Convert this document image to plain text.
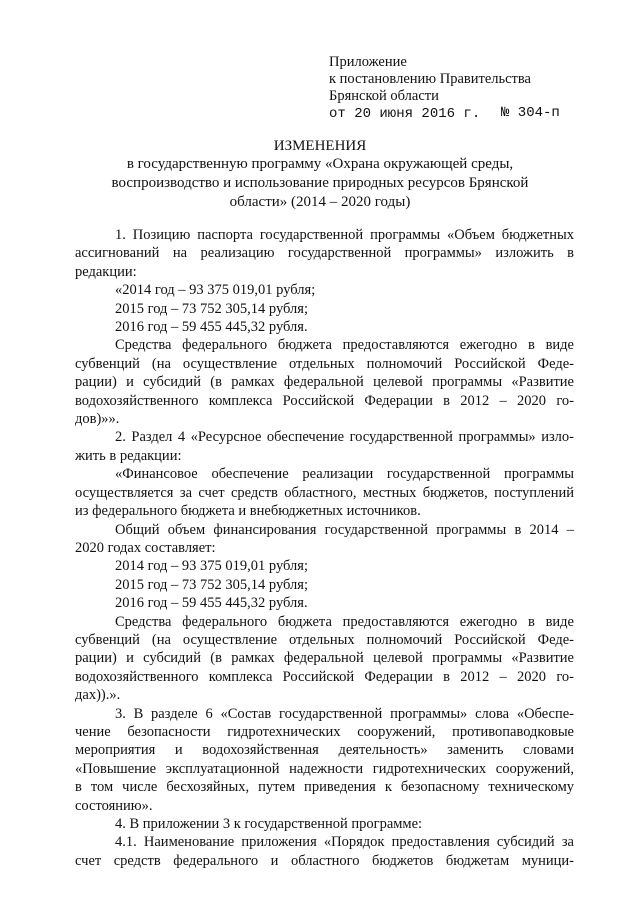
Приложение
к постановлению Правительства
Брянской области
от 20 июня 2016 г. № 304-п
ИЗМЕНЕНИЯ
в государственную программу «Охрана окружающей среды,
воспроизводство и использование природных ресурсов Брянской
области» (2014 – 2020 годы)
1. Позицию паспорта государственной программы «Объем бюджетных
ассигнований на реализацию государственной программы» изложить в
редакции:
«2014 год – 93 375 019,01 рубля;
2015 год – 73 752 305,14 рубля;
2016 год – 59 455 445,32 рубля.
Средства федерального бюджета предоставляются ежегодно в виде
субвенций (на осуществление отдельных полномочий Российской Феде-
рации) и субсидий (в рамках федеральной целевой программы «Развитие
водохозяйственного комплекса Российской Федерации в 2012 – 2020 го-
дов)»».
2. Раздел 4 «Ресурсное обеспечение государственной программы» изло-
жить в редакции:
«Финансовое обеспечение реализации государственной программы
осуществляется за счет средств областного, местных бюджетов, поступлений
из федерального бюджета и внебюджетных источников.
Общий объем финансирования государственной программы в 2014 –
2020 годах составляет:
2014 год – 93 375 019,01 рубля;
2015 год – 73 752 305,14 рубля;
2016 год – 59 455 445,32 рубля.
Средства федерального бюджета предоставляются ежегодно в виде
субвенций (на осуществление отдельных полномочий Российской Феде-
рации) и субсидий (в рамках федеральной целевой программы «Развитие
водохозяйственного комплекса Российской Федерации в 2012 – 2020 го-
дах)).».
3. В разделе 6 «Состав государственной программы» слова «Обеспе-
чение безопасности гидротехнических сооружений, противопаводковые
мероприятия и водохозяйственная деятельность» заменить словами
«Повышение эксплуатационной надежности гидротехнических сооружений,
в том числе бесхозяйных, путем приведения к безопасному техническому
состоянию».
4. В приложении 3 к государственной программе:
4.1. Наименование приложения «Порядок предоставления субсидий за
счет средств федерального и областного бюджетов бюджетам муници-
